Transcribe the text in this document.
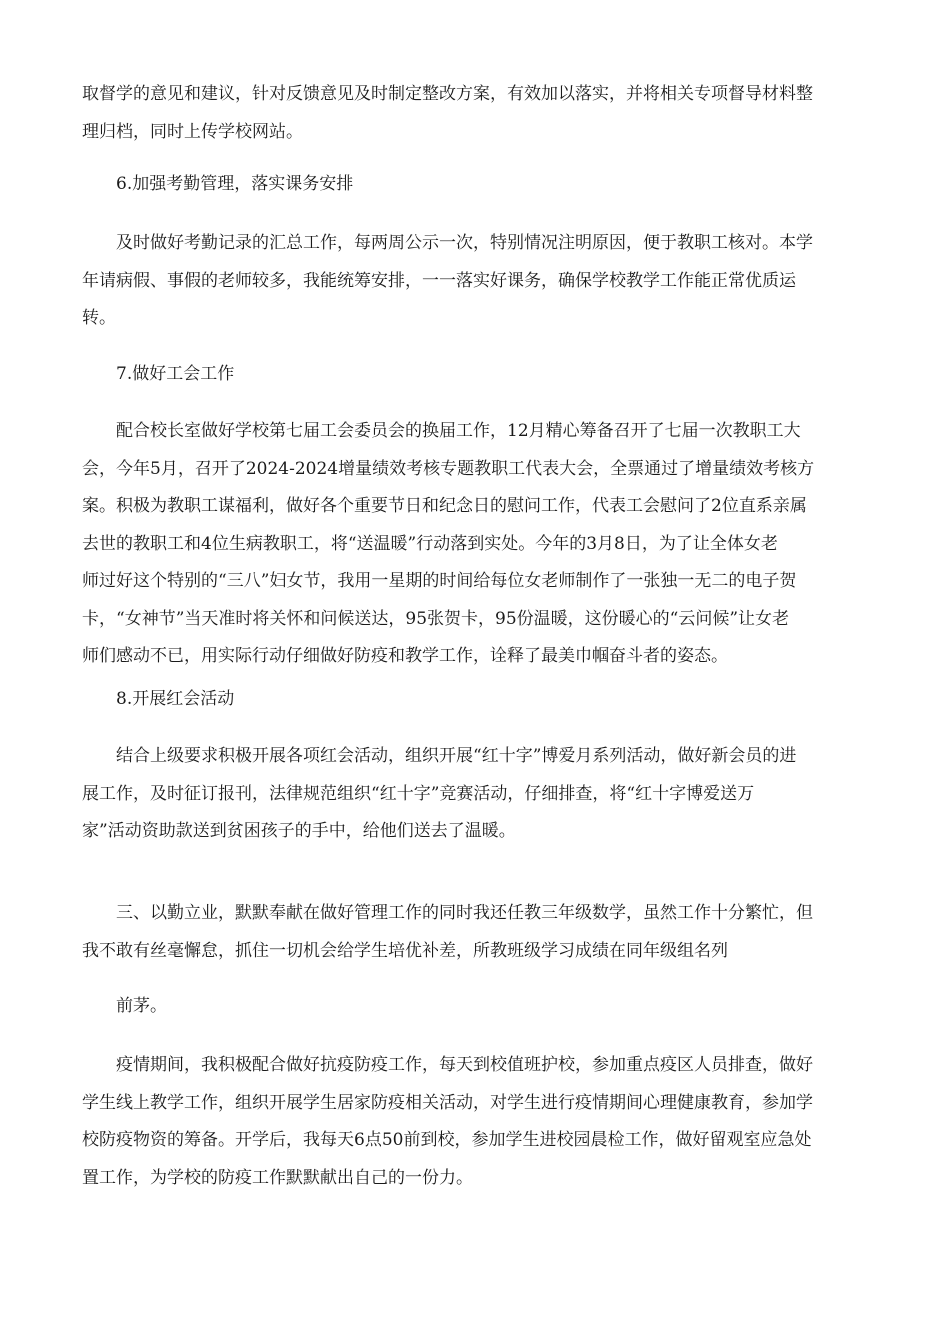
取督学的意见和建议，针对反馈意见及时制定整改方案，有效加以落实，并将相关专项督导材料整
理归档，同时上传学校网站。
6.加强考勤管理，落实课务安排
及时做好考勤记录的汇总工作，每两周公示一次，特别情况注明原因，便于教职工核对。本学
年请病假、事假的老师较多，我能统筹安排，一一落实好课务，确保学校教学工作能正常优质运
转。
7.做好工会工作
配合校长室做好学校第七届工会委员会的换届工作，12月精心筹备召开了七届一次教职工大
会，今年5月，召开了2024-2024增量绩效考核专题教职工代表大会，全票通过了增量绩效考核方
案。积极为教职工谋福利，做好各个重要节日和纪念日的慰问工作，代表工会慰问了2位直系亲属
去世的教职工和4位生病教职工，将“送温暖”行动落到实处。今年的3月8日，为了让全体女老
师过好这个特别的“三八”妇女节，我用一星期的时间给每位女老师制作了一张独一无二的电子贺
卡，“女神节”当天准时将关怀和问候送达，95张贺卡，95份温暖，这份暖心的“云问候”让女老
师们感动不已，用实际行动仔细做好防疫和教学工作，诠释了最美巾帼奋斗者的姿态。
8.开展红会活动
结合上级要求积极开展各项红会活动，组织开展“红十字”博爱月系列活动，做好新会员的进
展工作，及时征订报刊，法律规范组织“红十字”竞赛活动，仔细排查，将“红十字博爱送万
家”活动资助款送到贫困孩子的手中，给他们送去了温暖。
三、以勤立业，默默奉献在做好管理工作的同时我还任教三年级数学，虽然工作十分繁忙，但
我不敢有丝毫懈怠，抓住一切机会给学生培优补差，所教班级学习成绩在同年级组名列
前茅。
疫情期间，我积极配合做好抗疫防疫工作，每天到校值班护校，参加重点疫区人员排查，做好
学生线上教学工作，组织开展学生居家防疫相关活动，对学生进行疫情期间心理健康教育，参加学
校防疫物资的筹备。开学后，我每天6点50前到校，参加学生进校园晨检工作，做好留观室应急处
置工作，为学校的防疫工作默默献出自己的一份力。
